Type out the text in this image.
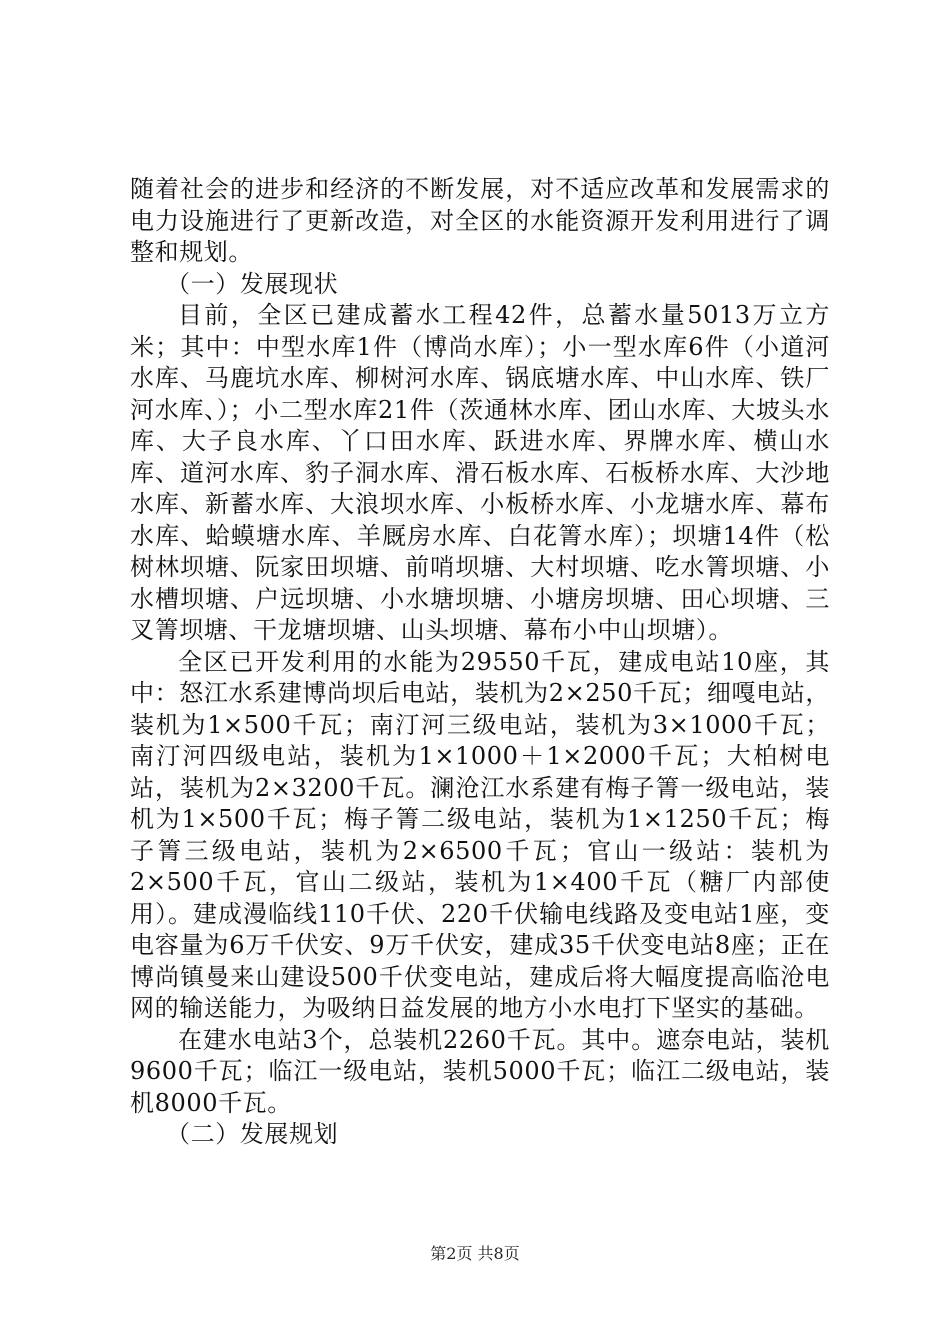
随着社会的进步和经济的不断发展，对不适应改革和发展需求的电力设施进行了更新改造，对全区的水能资源开发利用进行了调整和规划。

（一）发展现状

目前，全区已建成蓄水工程42件，总蓄水量5013万立方米；其中：中型水库1件（博尚水库）；小一型水库6件（小道河水库、马鹿坑水库、柳树河水库、锅底塘水库、中山水库、铁厂河水库、）；小二型水库21件（茨通林水库、团山水库、大坡头水库、大子良水库、丫口田水库、跃进水库、界牌水库、横山水库、道河水库、豹子洞水库、滑石板水库、石板桥水库、大沙地水库、新蓄水库、大浪坝水库、小板桥水库、小龙塘水库、幕布水库、蛤蟆塘水库、羊厩房水库、白花箐水库）；坝塘14件（松树林坝塘、阮家田坝塘、前哨坝塘、大村坝塘、吃水箐坝塘、小水槽坝塘、户远坝塘、小水塘坝塘、小塘房坝塘、田心坝塘、三叉箐坝塘、干龙塘坝塘、山头坝塘、幕布小中山坝塘）。

全区已开发利用的水能为29550千瓦，建成电站10座，其中：怒江水系建博尚坝后电站，装机为2×250千瓦；细嘎电站，装机为1×500千瓦；南汀河三级电站，装机为3×1000千瓦；南汀河四级电站，装机为1×1000＋1×2000千瓦；大柏树电站，装机为2×3200千瓦。澜沧江水系建有梅子箐一级电站，装机为1×500千瓦；梅子箐二级电站，装机为1×1250千瓦；梅子箐三级电站，装机为2×6500千瓦；官山一级站：装机为2×500千瓦，官山二级站，装机为1×400千瓦（糖厂内部使用）。建成漫临线110千伏、220千伏输电线路及变电站1座，变电容量为6万千伏安、9万千伏安，建成35千伏变电站8座；正在博尚镇曼来山建设500千伏变电站，建成后将大幅度提高临沧电网的输送能力，为吸纳日益发展的地方小水电打下坚实的基础。

在建水电站3个，总装机2260千瓦。其中。遮奈电站，装机9600千瓦；临江一级电站，装机5000千瓦；临江二级电站，装机8000千瓦。

（二）发展规划

第2页 共8页
